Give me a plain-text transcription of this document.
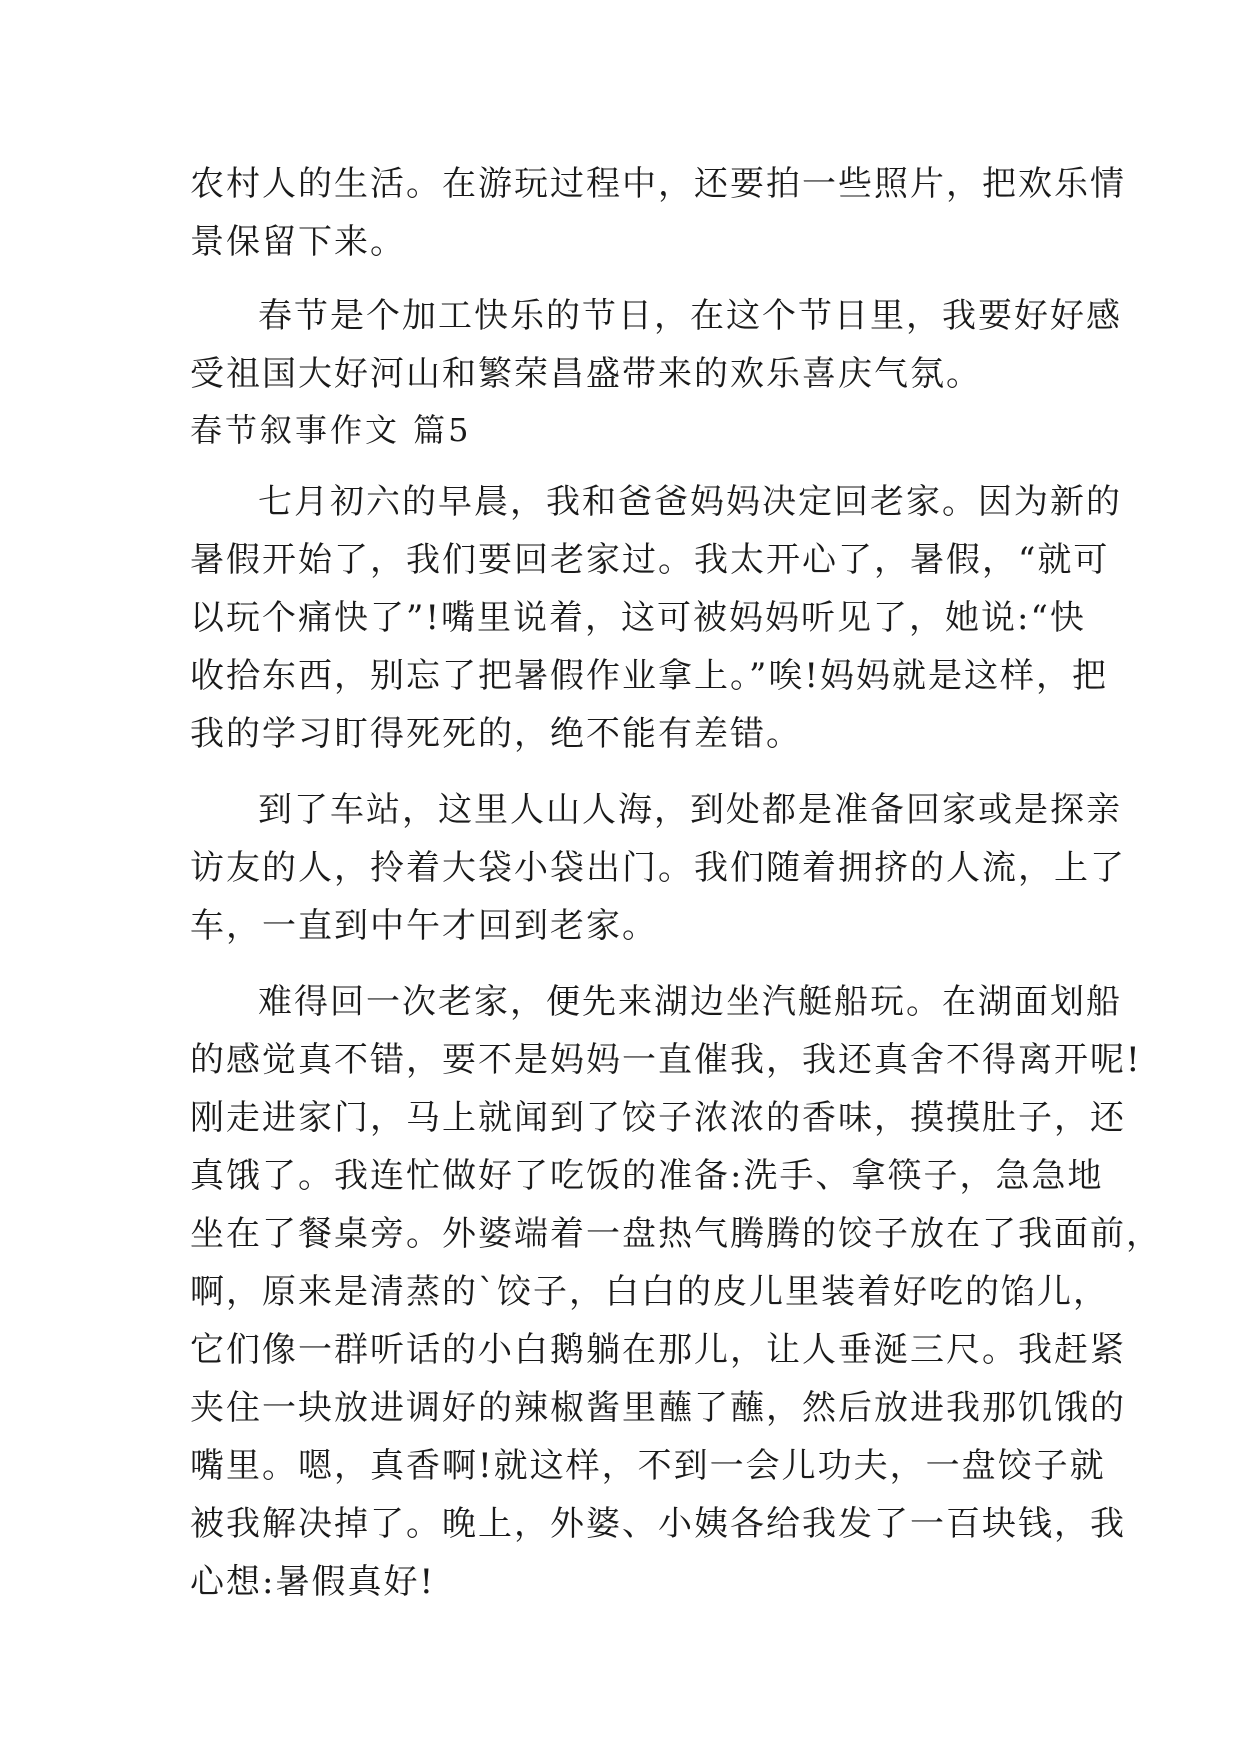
农村人的生活。在游玩过程中，还要拍一些照片，把欢乐情
景保留下来。
春节是个加工快乐的节日，在这个节日里，我要好好感
受祖国大好河山和繁荣昌盛带来的欢乐喜庆气氛。
春节叙事作文 篇5
七月初六的早晨，我和爸爸妈妈决定回老家。因为新的
暑假开始了，我们要回老家过。我太开心了，暑假，“就可
以玩个痛快了”!嘴里说着，这可被妈妈听见了，她说:“快
收拾东西，别忘了把暑假作业拿上。”唉!妈妈就是这样，把
我的学习盯得死死的，绝不能有差错。
到了车站，这里人山人海，到处都是准备回家或是探亲
访友的人，拎着大袋小袋出门。我们随着拥挤的人流，上了
车，一直到中午才回到老家。
难得回一次老家，便先来湖边坐汽艇船玩。在湖面划船
的感觉真不错，要不是妈妈一直催我，我还真舍不得离开呢!
刚走进家门，马上就闻到了饺子浓浓的香味，摸摸肚子，还
真饿了。我连忙做好了吃饭的准备:洗手、拿筷子，急急地
坐在了餐桌旁。外婆端着一盘热气腾腾的饺子放在了我面前，
啊，原来是清蒸的`饺子，白白的皮儿里装着好吃的馅儿，
它们像一群听话的小白鹅躺在那儿，让人垂涎三尺。我赶紧
夹住一块放进调好的辣椒酱里蘸了蘸，然后放进我那饥饿的
嘴里。嗯，真香啊!就这样，不到一会儿功夫，一盘饺子就
被我解决掉了。晚上，外婆、小姨各给我发了一百块钱，我
心想:暑假真好!
